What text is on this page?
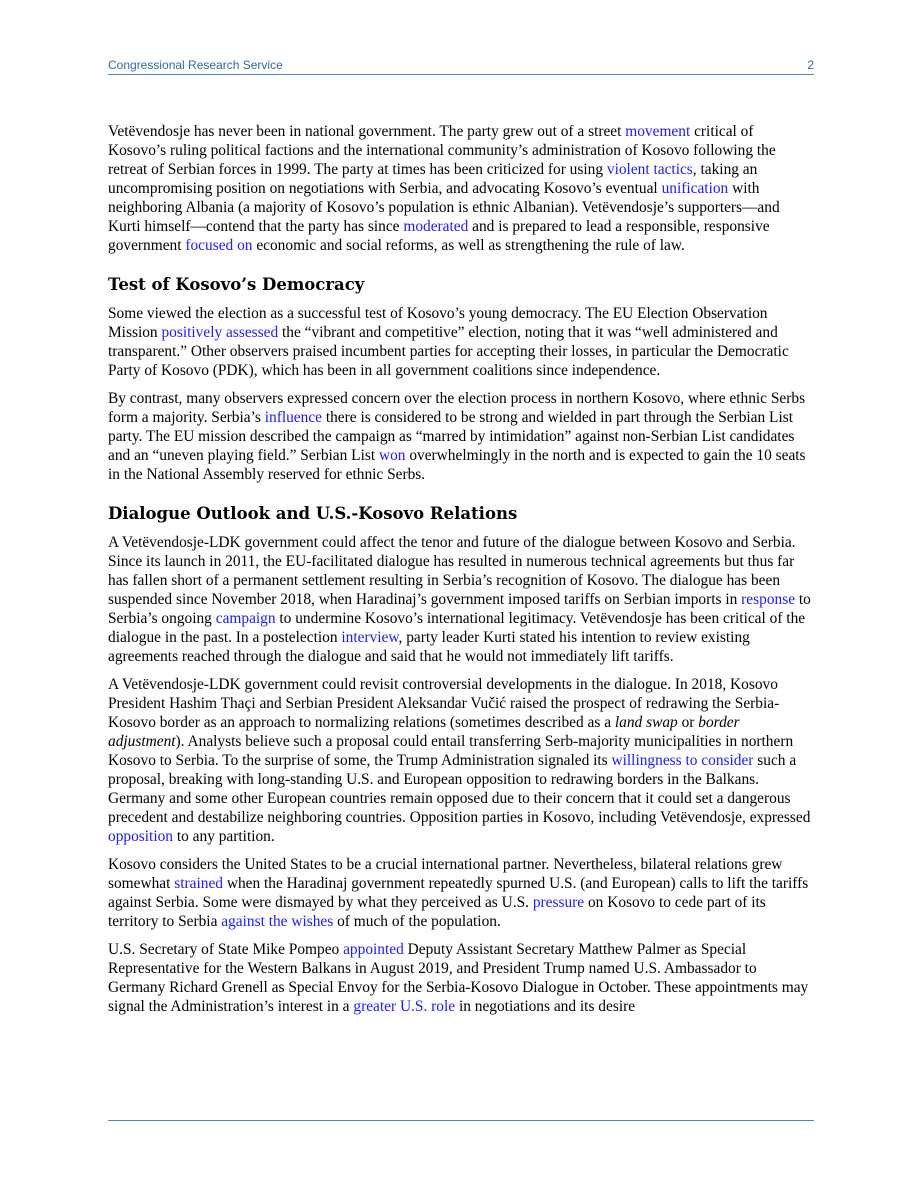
Congressional Research Service	2

Vetëvendosje has never been in national government. The party grew out of a street movement critical of Kosovo’s ruling political factions and the international community’s administration of Kosovo following the retreat of Serbian forces in 1999. The party at times has been criticized for using violent tactics, taking an uncompromising position on negotiations with Serbia, and advocating Kosovo’s eventual unification with neighboring Albania (a majority of Kosovo’s population is ethnic Albanian). Vetëvendosje’s supporters—and Kurti himself—contend that the party has since moderated and is prepared to lead a responsible, responsive government focused on economic and social reforms, as well as strengthening the rule of law.

Test of Kosovo’s Democracy

Some viewed the election as a successful test of Kosovo’s young democracy. The EU Election Observation Mission positively assessed the “vibrant and competitive” election, noting that it was “well administered and transparent.” Other observers praised incumbent parties for accepting their losses, in particular the Democratic Party of Kosovo (PDK), which has been in all government coalitions since independence.

By contrast, many observers expressed concern over the election process in northern Kosovo, where ethnic Serbs form a majority. Serbia’s influence there is considered to be strong and wielded in part through the Serbian List party. The EU mission described the campaign as “marred by intimidation” against non-Serbian List candidates and an “uneven playing field.” Serbian List won overwhelmingly in the north and is expected to gain the 10 seats in the National Assembly reserved for ethnic Serbs.

Dialogue Outlook and U.S.-Kosovo Relations

A Vetëvendosje-LDK government could affect the tenor and future of the dialogue between Kosovo and Serbia. Since its launch in 2011, the EU-facilitated dialogue has resulted in numerous technical agreements but thus far has fallen short of a permanent settlement resulting in Serbia’s recognition of Kosovo. The dialogue has been suspended since November 2018, when Haradinaj’s government imposed tariffs on Serbian imports in response to Serbia’s ongoing campaign to undermine Kosovo’s international legitimacy. Vetëvendosje has been critical of the dialogue in the past. In a postelection interview, party leader Kurti stated his intention to review existing agreements reached through the dialogue and said that he would not immediately lift tariffs.

A Vetëvendosje-LDK government could revisit controversial developments in the dialogue. In 2018, Kosovo President Hashim Thaçi and Serbian President Aleksandar Vučić raised the prospect of redrawing the Serbia-Kosovo border as an approach to normalizing relations (sometimes described as a land swap or border adjustment). Analysts believe such a proposal could entail transferring Serb-majority municipalities in northern Kosovo to Serbia. To the surprise of some, the Trump Administration signaled its willingness to consider such a proposal, breaking with long-standing U.S. and European opposition to redrawing borders in the Balkans. Germany and some other European countries remain opposed due to their concern that it could set a dangerous precedent and destabilize neighboring countries. Opposition parties in Kosovo, including Vetëvendosje, expressed opposition to any partition.

Kosovo considers the United States to be a crucial international partner. Nevertheless, bilateral relations grew somewhat strained when the Haradinaj government repeatedly spurned U.S. (and European) calls to lift the tariffs against Serbia. Some were dismayed by what they perceived as U.S. pressure on Kosovo to cede part of its territory to Serbia against the wishes of much of the population.

U.S. Secretary of State Mike Pompeo appointed Deputy Assistant Secretary Matthew Palmer as Special Representative for the Western Balkans in August 2019, and President Trump named U.S. Ambassador to Germany Richard Grenell as Special Envoy for the Serbia-Kosovo Dialogue in October. These appointments may signal the Administration’s interest in a greater U.S. role in negotiations and its desire
